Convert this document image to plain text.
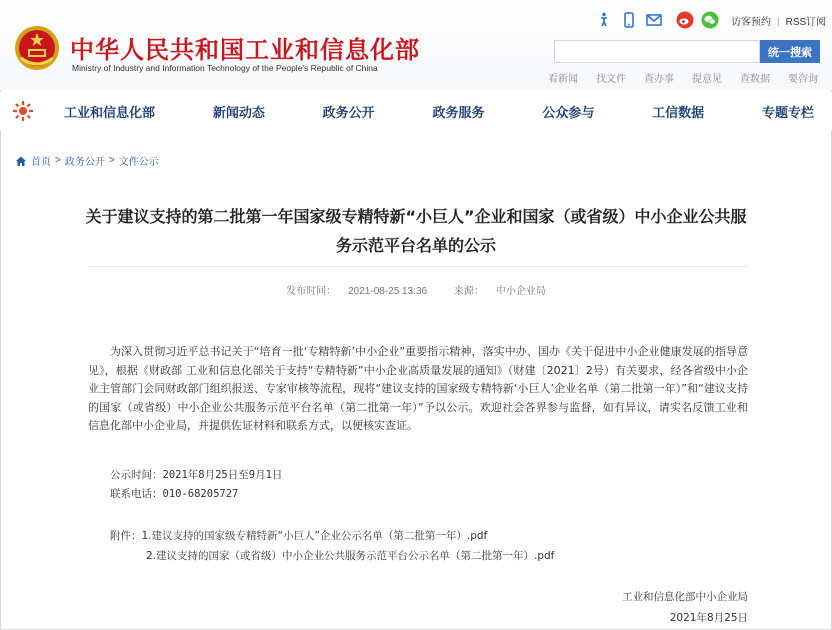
中华人民共和国工业和信息化部
Ministry of Industry and Information Technology of the People's Republic of China
访客预约 | RSS订阅
统一搜索
看新闻 找文件 查办事 提意见 查数据 要咨询
工业和信息化部	新闻动态	政务公开	政务服务	公众参与	工信数据	专题专栏
首页 > 政务公开 > 文件公示
关于建议支持的第二批第一年国家级专精特新“小巨人”企业和国家（或省级）中小企业公共服务示范平台名单的公示
发布时间： 2021-08-25 13:36	来源： 中小企业局
为深入贯彻习近平总书记关于“培育一批‘专精特新’中小企业”重要指示精神，落实中办、国办《关于促进中小企业健康发展的指导意见》，根据《财政部 工业和信息化部关于支持“专精特新”中小企业高质量发展的通知》（财建〔2021〕2号）有关要求，经各省级中小企业主管部门会同财政部门组织报送、专家审核等流程，现将“建议支持的国家级专精特新‘小巨人’企业名单（第二批第一年）”和“建议支持的国家（或省级）中小企业公共服务示范平台名单（第二批第一年）”予以公示。欢迎社会各界参与监督，如有异议，请实名反馈工业和信息化部中小企业局，并提供佐证材料和联系方式，以便核实查证。
公示时间：2021年8月25日至9月1日
联系电话：010-68205727
附件：1.建议支持的国家级专精特新“小巨人”企业公示名单（第二批第一年）.pdf
2.建议支持的国家（或省级）中小企业公共服务示范平台公示名单（第二批第一年）.pdf
工业和信息化部中小企业局
2021年8月25日
